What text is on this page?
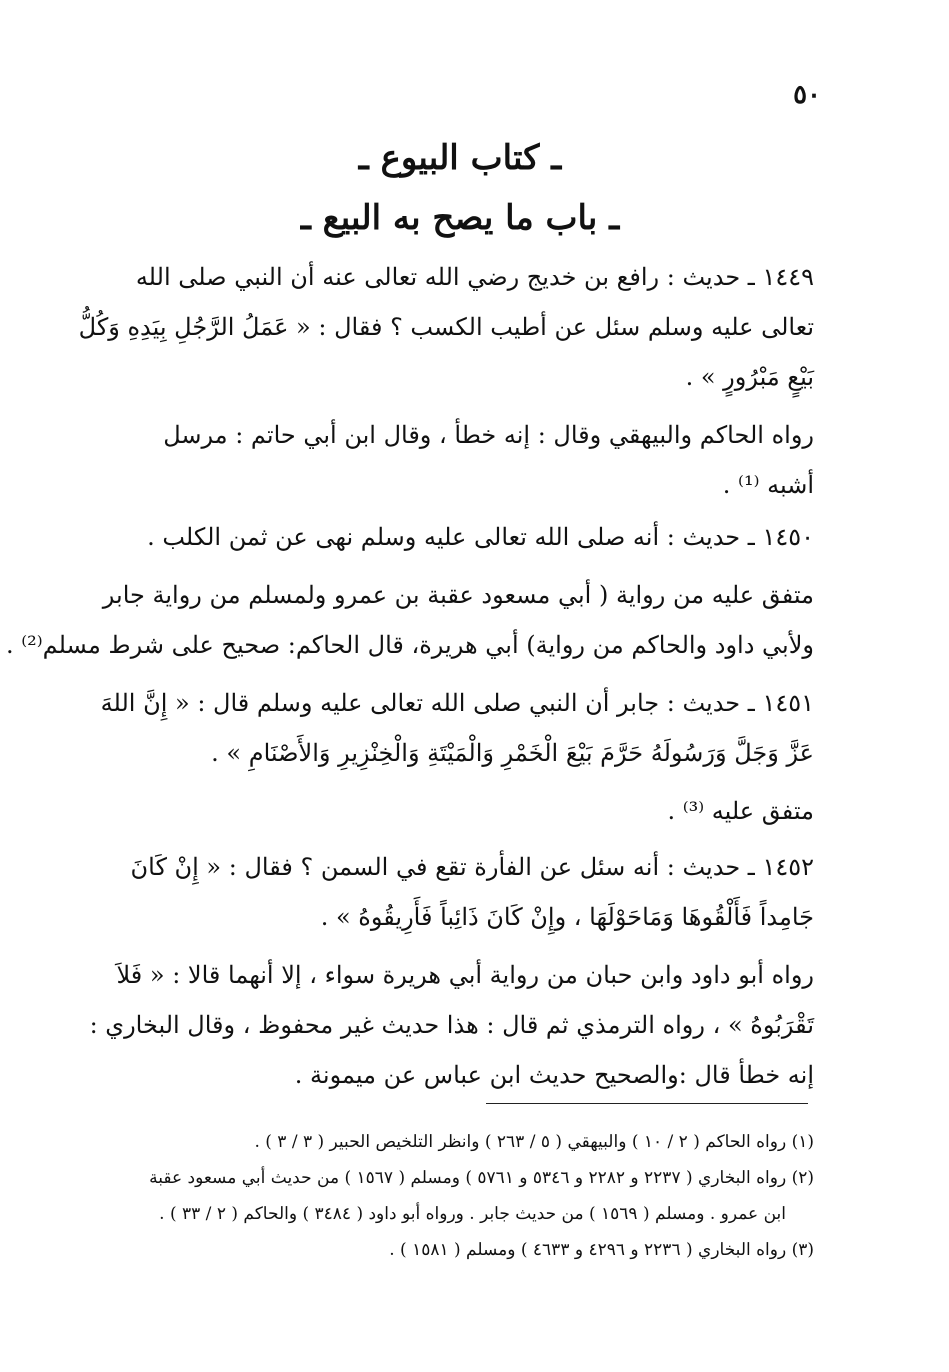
٥٠
ـ كتاب البيوع ـ
ـ باب ما يصح به البيع ـ
١٤٤٩ ـ حديث : رافع بن خديج رضي الله تعالى عنه أن النبي صلى الله
تعالى عليه وسلم سئل عن أطيب الكسب ؟ فقال : « عَمَلُ الرَّجُلِ بِيَدِهِ وَكُلُّ
بَيْعٍ مَبْرُورٍ » .
رواه الحاكم والبيهقي وقال : إنه خطأ ، وقال ابن أبي حاتم : مرسل
أشبه ⁽¹⁾ .
١٤٥٠ ـ حديث : أنه صلى الله تعالى عليه وسلم نهى عن ثمن الكلب .
متفق عليه من رواية ( أبي مسعود عقبة بن عمرو ولمسلم من رواية جابر
ولأبي داود والحاكم من رواية) أبي هريرة، قال الحاكم: صحيح على شرط مسلم⁽²⁾ .
١٤٥١ ـ حديث : جابر أن النبي صلى الله تعالى عليه وسلم قال : « إِنَّ اللهَ
عَزَّ وَجَلَّ وَرَسُولَهُ حَرَّمَ بَيْعَ الْخَمْرِ وَالْمَيْتَةِ وَالْخِنْزِيرِ وَالأَصْنَامِ » .
متفق عليه ⁽³⁾ .
١٤٥٢ ـ حديث : أنه سئل عن الفأرة تقع في السمن ؟ فقال : « إِنْ كَانَ
جَامِداً فَأَلْقُوهَا وَمَاحَوْلَهَا ، وإِنْ كَانَ ذَائِباً فَأَرِيقُوهُ » .
رواه أبو داود وابن حبان من رواية أبي هريرة سواء ، إلا أنهما قالا : « فَلاَ
تَقْرَبُوهُ » ، رواه الترمذي ثم قال : هذا حديث غير محفوظ ، وقال البخاري :
إنه خطأ قال :والصحيح حديث ابن عباس عن ميمونة .
(١) رواه الحاكم ( ٢ / ١٠ ) والبيهقي ( ٥ / ٢٦٣ ) وانظر التلخيص الحبير ( ٣ / ٣ ) .
(٢) رواه البخاري ( ٢٢٣٧ و ٢٢٨٢ و ٥٣٤٦ و ٥٧٦١ ) ومسلم ( ١٥٦٧ ) من حديث أبي مسعود عقبة
ابن عمرو . ومسلم ( ١٥٦٩ ) من حديث جابر . ورواه أبو داود ( ٣٤٨٤ ) والحاكم ( ٢ / ٣٣ ) .
(٣) رواه البخاري ( ٢٢٣٦ و ٤٢٩٦ و ٤٦٣٣ ) ومسلم ( ١٥٨١ ) .
